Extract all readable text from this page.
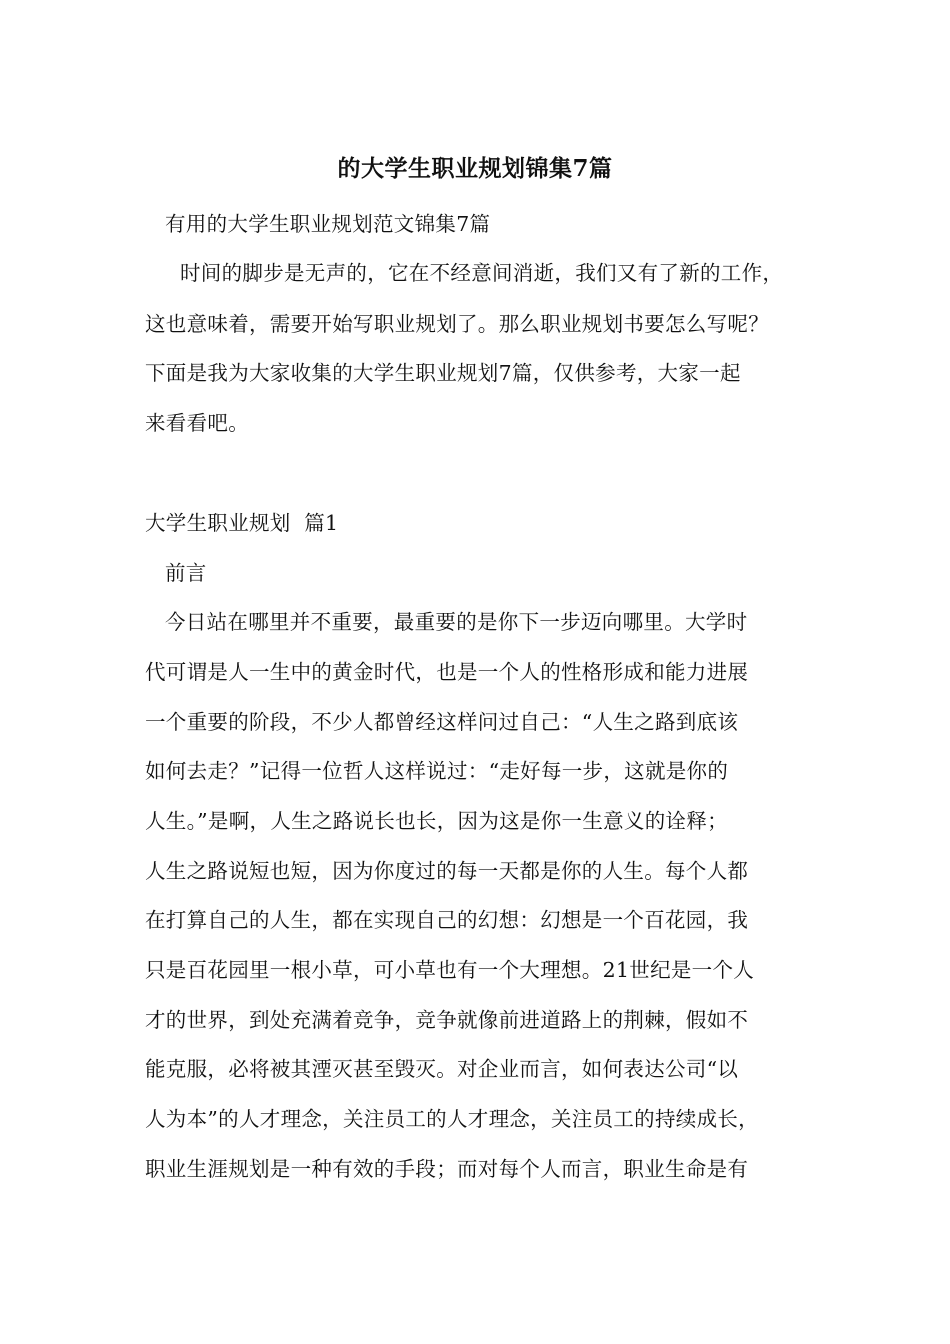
的大学生职业规划锦集7篇
有用的大学生职业规划范文锦集7篇
时间的脚步是无声的，它在不经意间消逝，我们又有了新的工作，
这也意味着，需要开始写职业规划了。那么职业规划书要怎么写呢？
下面是我为大家收集的大学生职业规划7篇，仅供参考，大家一起
来看看吧。
大学生职业规划  篇1
前言
今日站在哪里并不重要，最重要的是你下一步迈向哪里。大学时
代可谓是人一生中的黄金时代，也是一个人的性格形成和能力进展
一个重要的阶段，不少人都曾经这样问过自己：“人生之路到底该
如何去走？”记得一位哲人这样说过：“走好每一步，这就是你的
人生。”是啊，人生之路说长也长，因为这是你一生意义的诠释；
人生之路说短也短，因为你度过的每一天都是你的人生。每个人都
在打算自己的人生，都在实现自己的幻想：幻想是一个百花园，我
只是百花园里一根小草，可小草也有一个大理想。21世纪是一个人
才的世界，到处充满着竞争，竞争就像前进道路上的荆棘，假如不
能克服，必将被其湮灭甚至毁灭。对企业而言，如何表达公司“以
人为本”的人才理念，关注员工的人才理念，关注员工的持续成长，
职业生涯规划是一种有效的手段；而对每个人而言，职业生命是有
